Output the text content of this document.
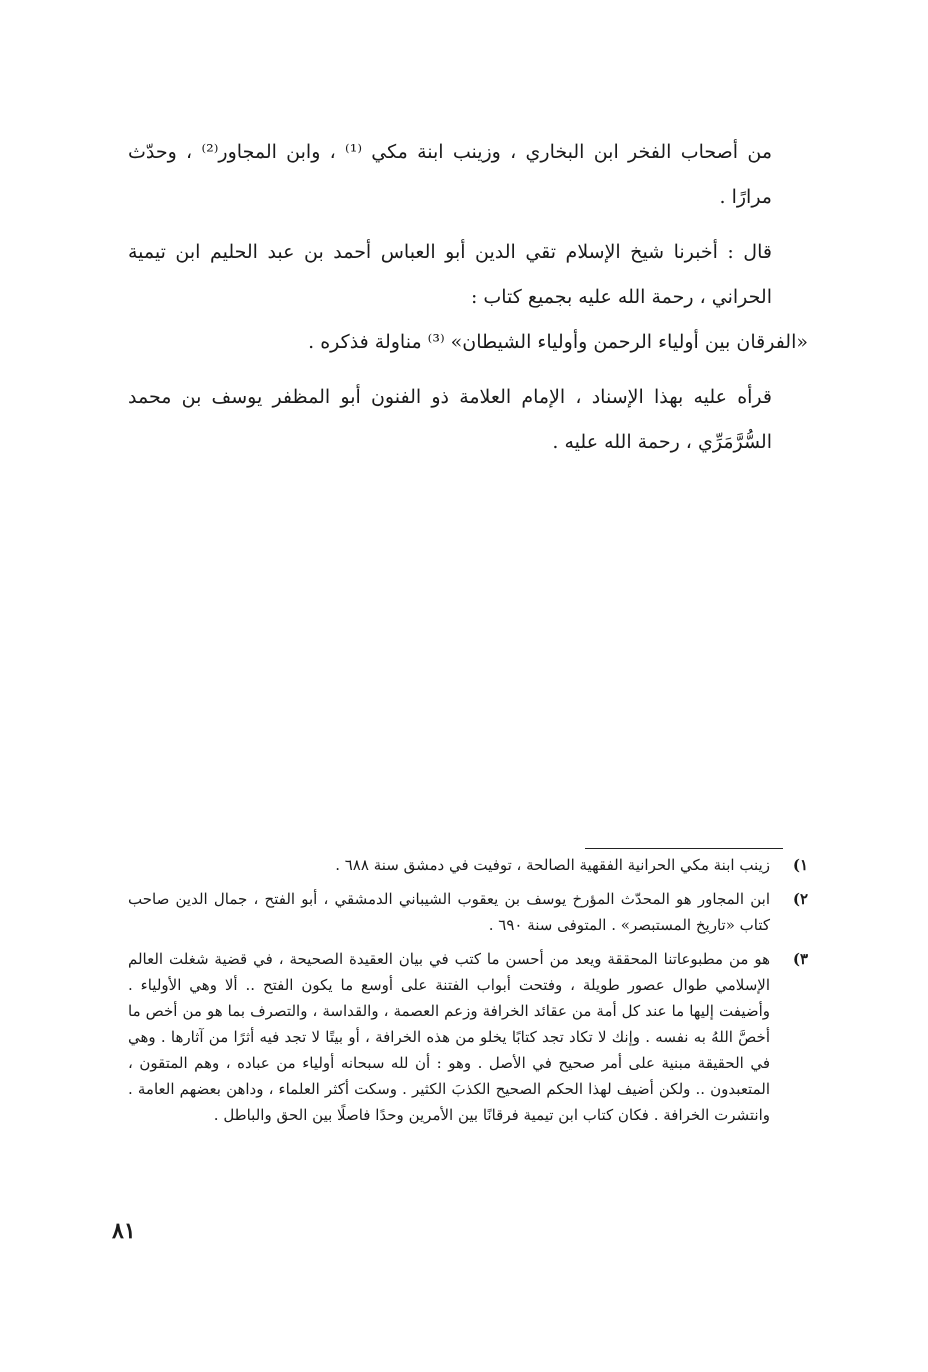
من أصحاب الفخر ابن البخاري ، وزينب ابنة مكي ⁽¹⁾ ، وابن المجاور⁽²⁾ ، وحدّث مرارًا .

قال : أخبرنا شيخ الإسلام تقي الدين أبو العباس أحمد بن عبد الحليم ابن تيمية الحراني ، رحمة الله عليه بجميع كتاب :

«الفرقان بين أولياء الرحمن وأولياء الشيطان» ⁽³⁾ مناولة فذكره .

قرأه عليه بهذا الإسناد ، الإمام العلامة ذو الفنون أبو المظفر يوسف بن محمد السُّرَّمَرِّي ، رحمة الله عليه .

١)
زينب ابنة مكي الحرانية الفقهية الصالحة ، توفيت في دمشق سنة ٦٨٨ .
٢)
ابن المجاور هو المحدّث المؤرخ يوسف بن يعقوب الشيباني الدمشقي ، أبو الفتح ، جمال الدين صاحب كتاب «تاريخ المستبصر» . المتوفى سنة ٦٩٠ .
٣)
هو من مطبوعاتنا المحققة ويعد من أحسن ما كتب في بيان العقيدة الصحيحة ، في قضية شغلت العالم الإسلامي طوال عصور طويلة ، وفتحت أبواب الفتنة على أوسع ما يكون الفتح .. ألا وهي الأولياء . وأضيفت إليها ما عند كل أمة من عقائد الخرافة وزعم العصمة ، والقداسة ، والتصرف بما هو من أخص ما أخصَّ اللهُ به نفسه . وإنك لا تكاد تجد كتابًا يخلو من هذه الخرافة ، أو بيتًا لا تجد فيه أثرًا من آثارها . وهي في الحقيقة مبنية على أمر صحيح في الأصل . وهو : أن لله سبحانه أولياء من عباده ، وهم المتقون ، المتعبدون .. ولكن أضيف لهذا الحكم الصحيح الكذبَ الكثير . وسكت أكثر العلماء ، وداهن بعضهم العامة . وانتشرت الخرافة . فكان كتاب ابن تيمية فرقانًا بين الأمرين وحدًا فاصلًا بين الحق والباطل .
٨١
